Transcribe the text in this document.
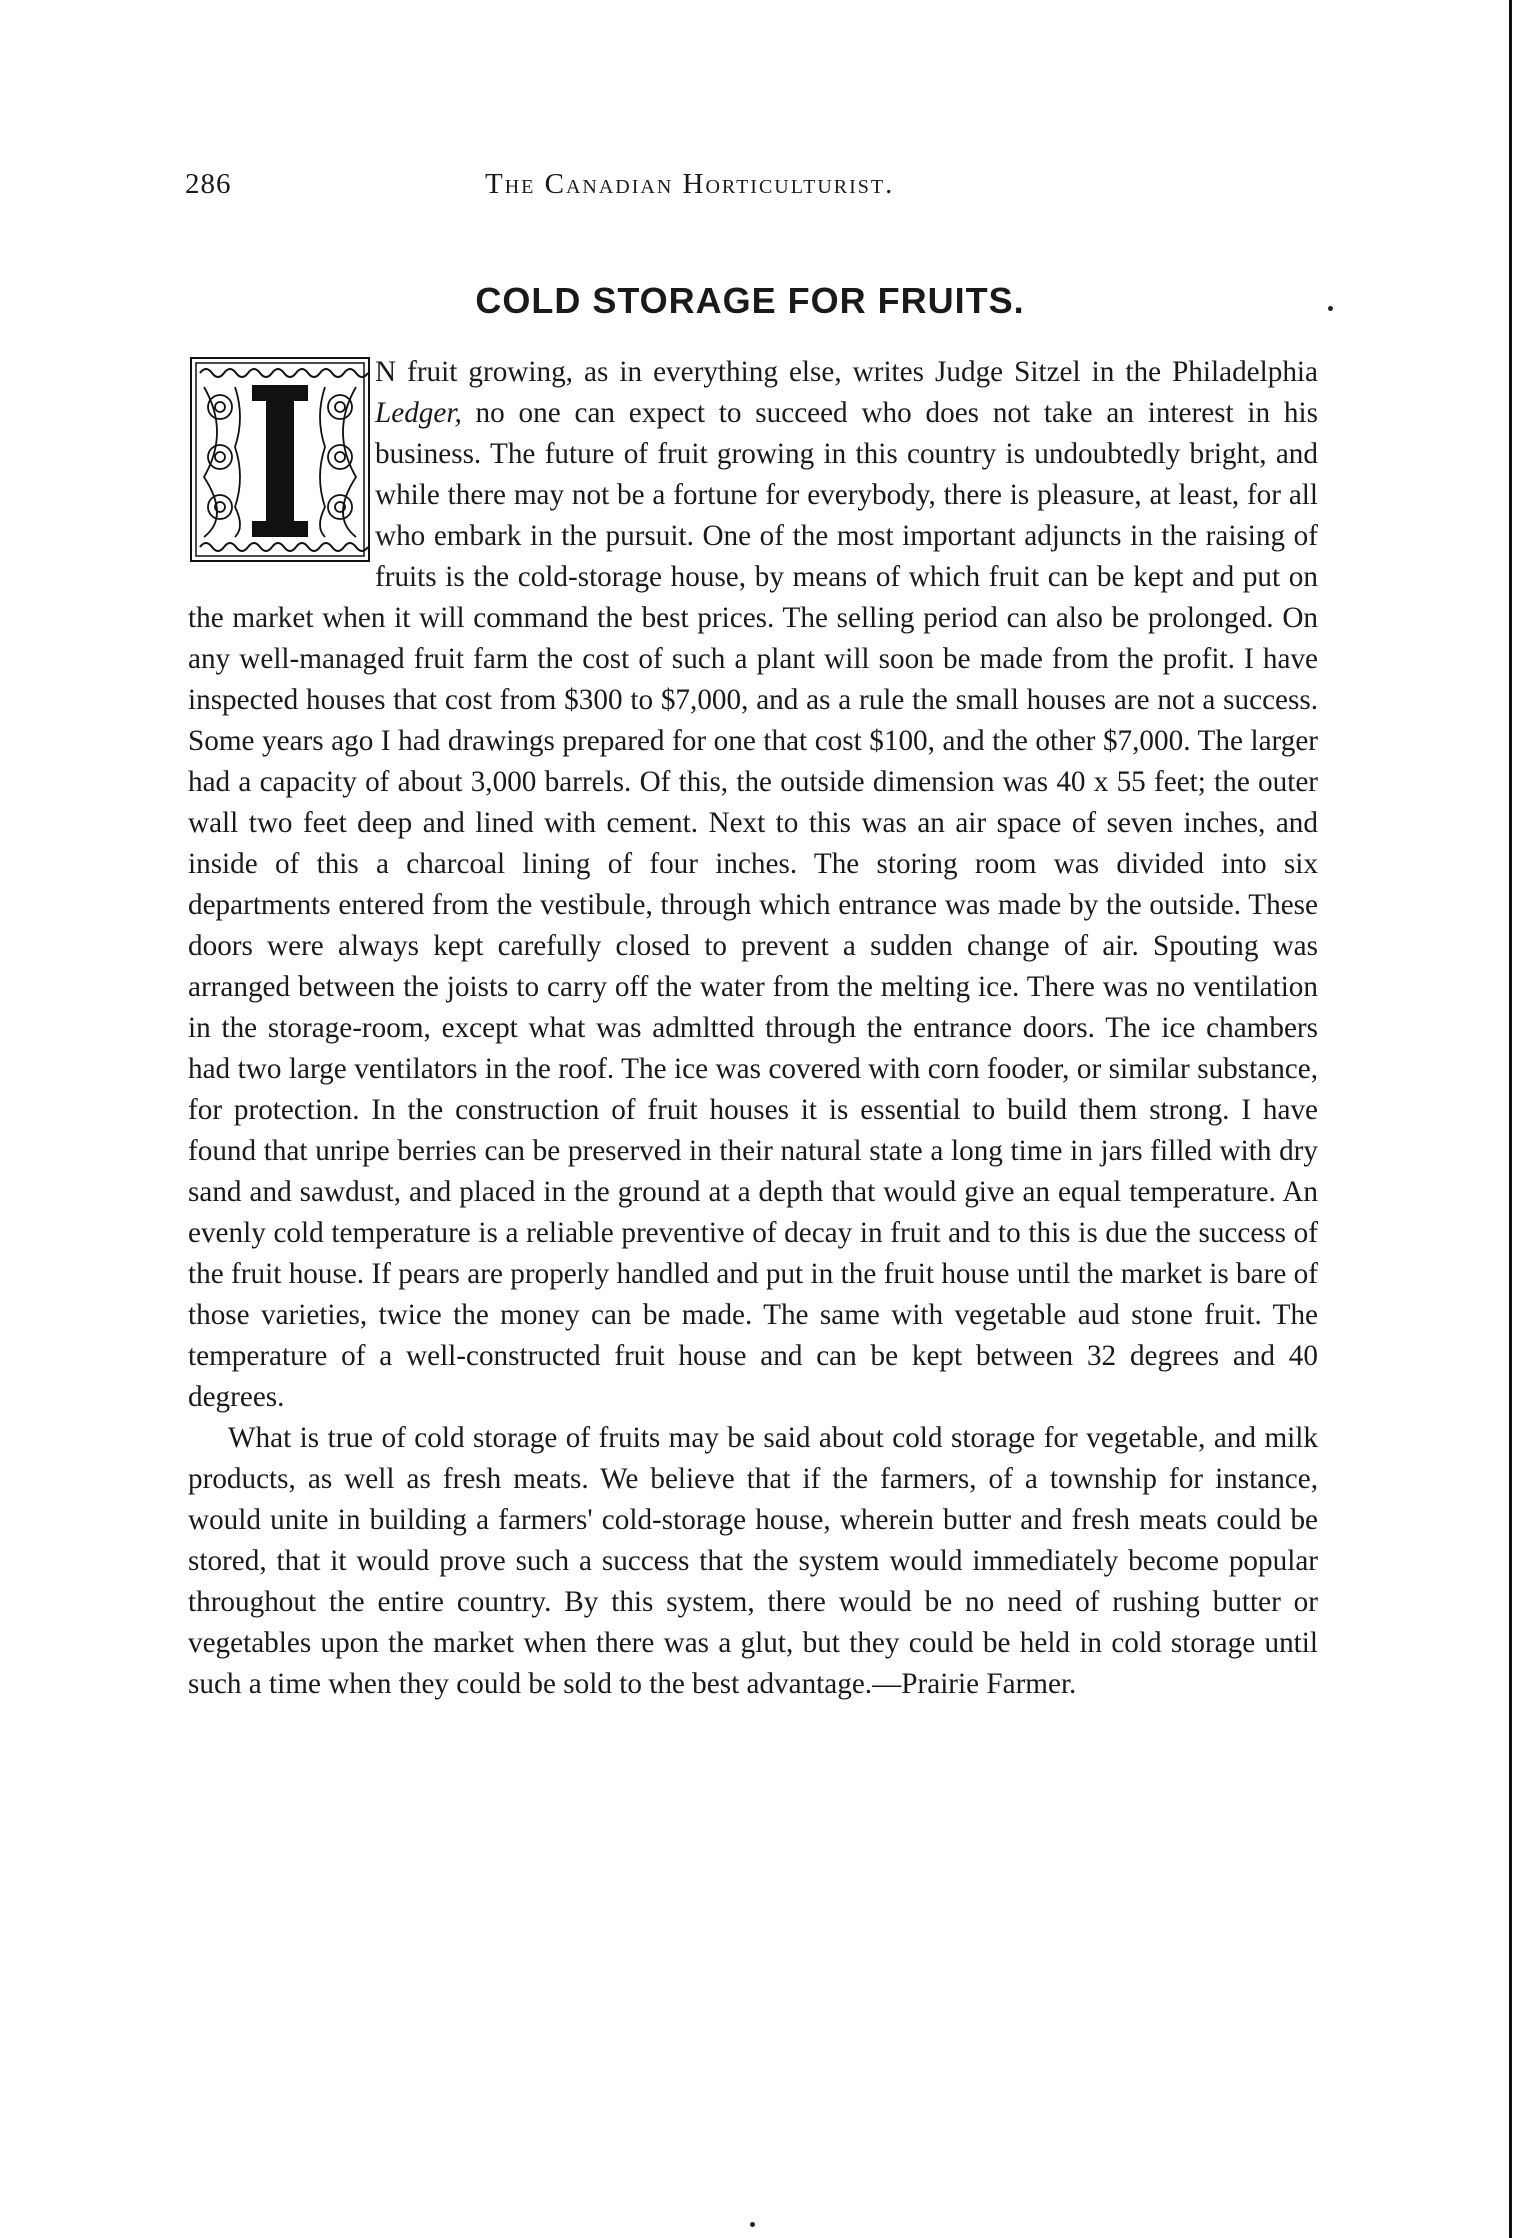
286	The Canadian Horticulturist.
COLD STORAGE FOR FRUITS.

N fruit growing, as in everything else, writes Judge Sitzel in the Philadelphia Ledger, no one can expect to succeed who does not take an interest in his business. The future of fruit growing in this country is undoubtedly bright, and while there may not be a fortune for everybody, there is pleasure, at least, for all who embark in the pursuit. One of the most important adjuncts in the raising of fruits is the cold-storage house, by means of which fruit can be kept and put on the market when it will command the best prices. The selling period can also be prolonged. On any well-managed fruit farm the cost of such a plant will soon be made from the profit. I have inspected houses that cost from $300 to $7,000, and as a rule the small houses are not a success. Some years ago I had drawings prepared for one that cost $100, and the other $7,000. The larger had a capacity of about 3,000 barrels. Of this, the outside dimension was 40 x 55 feet; the outer wall two feet deep and lined with cement. Next to this was an air space of seven inches, and inside of this a charcoal lining of four inches. The storing room was divided into six departments entered from the vestibule, through which entrance was made by the outside. These doors were always kept carefully closed to prevent a sudden change of air. Spouting was arranged between the joists to carry off the water from the melting ice. There was no ventilation in the storage-room, except what was admltted through the entrance doors. The ice chambers had two large ventilators in the roof. The ice was covered with corn fooder, or similar substance, for protection. In the construction of fruit houses it is essential to build them strong. I have found that unripe berries can be preserved in their natural state a long time in jars filled with dry sand and sawdust, and placed in the ground at a depth that would give an equal temperature. An evenly cold temperature is a reliable preventive of decay in fruit and to this is due the success of the fruit house. If pears are properly handled and put in the fruit house until the market is bare of those varieties, twice the money can be made. The same with vegetable aud stone fruit. The temperature of a well-constructed fruit house and can be kept between 32 degrees and 40 degrees.

What is true of cold storage of fruits may be said about cold storage for vegetable, and milk products, as well as fresh meats. We believe that if the farmers, of a township for instance, would unite in building a farmers' cold-storage house, wherein butter and fresh meats could be stored, that it would prove such a success that the system would immediately become popular throughout the entire country. By this system, there would be no need of rushing butter or vegetables upon the market when there was a glut, but they could be held in cold storage until such a time when they could be sold to the best advantage.—Prairie Farmer.
